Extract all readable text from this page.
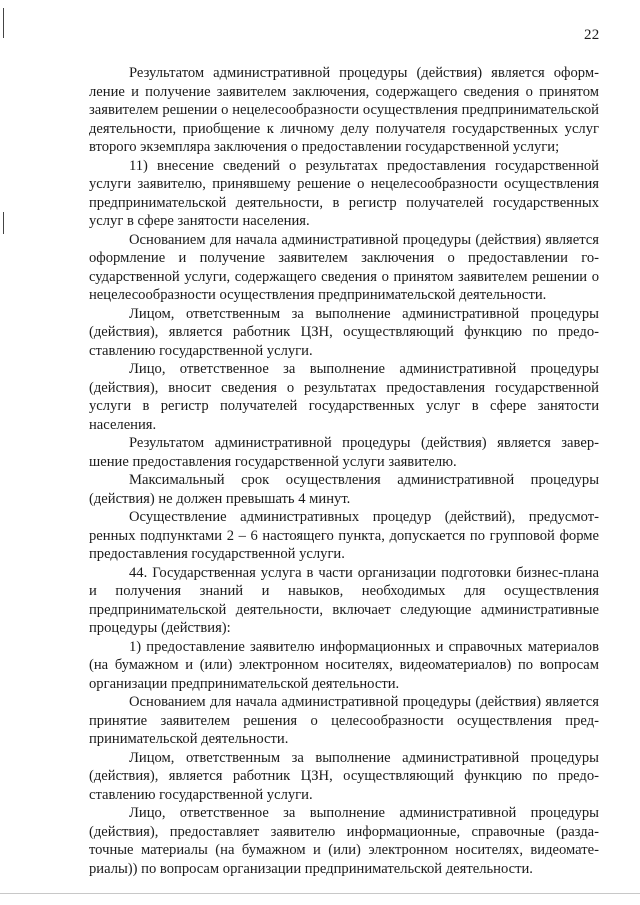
22

Результатом административной процедуры (действия) является оформление и получение заявителем заключения, содержащего сведения о принятом заявителем решении о нецелесообразности осуществления предпринимательской деятельности, приобщение к личному делу получателя государственных услуг второго экземпляра заключения о предоставлении государственной услуги;

11) внесение сведений о результатах предоставления государственной услуги заявителю, принявшему решение о нецелесообразности осуществления предпринимательской деятельности, в регистр получателей государственных услуг в сфере занятости населения.

Основанием для начала административной процедуры (действия) является оформление и получение заявителем заключения о предоставлении государственной услуги, содержащего сведения о принятом заявителем решении о нецелесообразности осуществления предпринимательской деятельности.

Лицом, ответственным за выполнение административной процедуры (действия), является работник ЦЗН, осуществляющий функцию по предоставлению государственной услуги.

Лицо, ответственное за выполнение административной процедуры (действия), вносит сведения о результатах предоставления государственной услуги в регистр получателей государственных услуг в сфере занятости населения.

Результатом административной процедуры (действия) является завершение предоставления государственной услуги заявителю.

Максимальный срок осуществления административной процедуры (действия) не должен превышать 4 минут.

Осуществление административных процедур (действий), предусмотренных подпунктами 2 – 6 настоящего пункта, допускается по групповой форме предоставления государственной услуги.

44. Государственная услуга в части организации подготовки бизнес-плана и получения знаний и навыков, необходимых для осуществления предпринимательской деятельности, включает следующие административные процедуры (действия):

1) предоставление заявителю информационных и справочных материалов (на бумажном и (или) электронном носителях, видеоматериалов) по вопросам организации предпринимательской деятельности.

Основанием для начала административной процедуры (действия) является принятие заявителем решения о целесообразности осуществления предпринимательской деятельности.

Лицом, ответственным за выполнение административной процедуры (действия), является работник ЦЗН, осуществляющий функцию по предоставлению государственной услуги.

Лицо, ответственное за выполнение административной процедуры (действия), предоставляет заявителю информационные, справочные (раздаточные материалы (на бумажном и (или) электронном носителях, видеоматериалы)) по вопросам организации предпринимательской деятельности.
